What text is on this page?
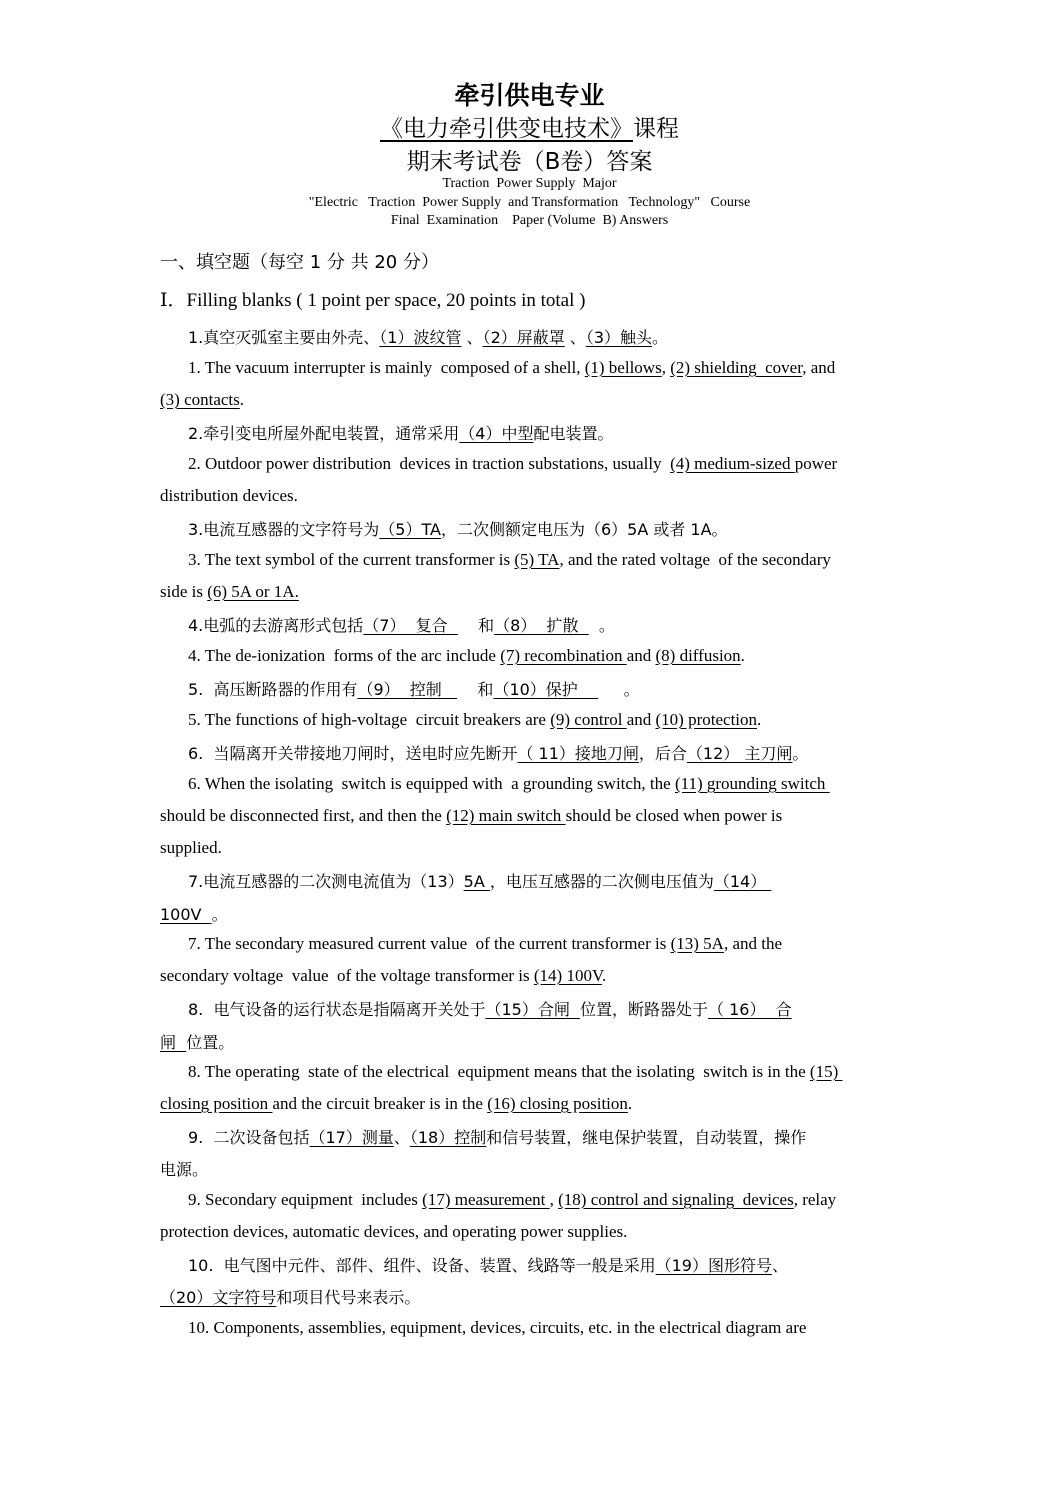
牵引供电专业
《电力牵引供变电技术》课程
期末考试卷（B卷）答案
Traction  Power Supply  Major
"Electric   Traction  Power Supply  and Transformation   Technology"   Course
Final  Examination    Paper (Volume  B) Answers
一、填空题（每空 1 分 共 20 分）
Ⅰ．Filling blanks ( 1 point per space, 20 points in total )
1.真空灭弧室主要由外壳、（1）波纹管 、（2）屏蔽罩 、（3）触头。
1. The vacuum interrupter is mainly  composed of a shell, (1) bellows, (2) shielding  cover, and
(3) contacts.
2.牵引变电所屋外配电装置，通常采用（4）中型配电装置。
2. Outdoor power distribution  devices in traction substations, usually  (4) medium-sized power
distribution devices.
3.电流互感器的文字符号为（5）TA，二次侧额定电压为（6）5A 或者 1A。
3. The text symbol of the current transformer is (5) TA, and the rated voltage  of the secondary
side is (6) 5A or 1A.
4.电弧的去游离形式包括（7）  复合      和（8）  扩散    。
4. The de-ionization  forms of the arc include (7) recombination and (8) diffusion.
5.  高压断路器的作用有（9）  控制       和（10）保护         。
5. The functions of high-voltage  circuit breakers are (9) control and (10) protection.
6.  当隔离开关带接地刀闸时，送电时应先断开（ 11）接地刀闸，后合（12） 主刀闸。
6. When the isolating  switch is equipped with  a grounding switch, the (11) grounding switch
should be disconnected first, and then the (12) main switch should be closed when power is
supplied.
7.电流互感器的二次测电流值为（13）5A ，电压互感器的二次侧电压值为（14）
100V  。
7. The secondary measured current value  of the current transformer is (13) 5A, and the
secondary voltage  value  of the voltage transformer is (14) 100V.
8.  电气设备的运行状态是指隔离开关处于（15）合闸  位置，断路器处于（ 16）  合
闸  位置。
8. The operating  state of the electrical  equipment means that the isolating  switch is in the (15)
closing position and the circuit breaker is in the (16) closing position.
9.  二次设备包括（17）测量、（18）控制和信号装置，继电保护装置，自动装置，操作
电源。
9. Secondary equipment  includes (17) measurement , (18) control and signaling  devices, relay
protection devices, automatic devices, and operating power supplies.
10.  电气图中元件、部件、组件、设备、装置、线路等一般是采用（19）图形符号、
（20）文字符号和项目代号来表示。
10. Components, assemblies, equipment, devices, circuits, etc. in the electrical diagram are
